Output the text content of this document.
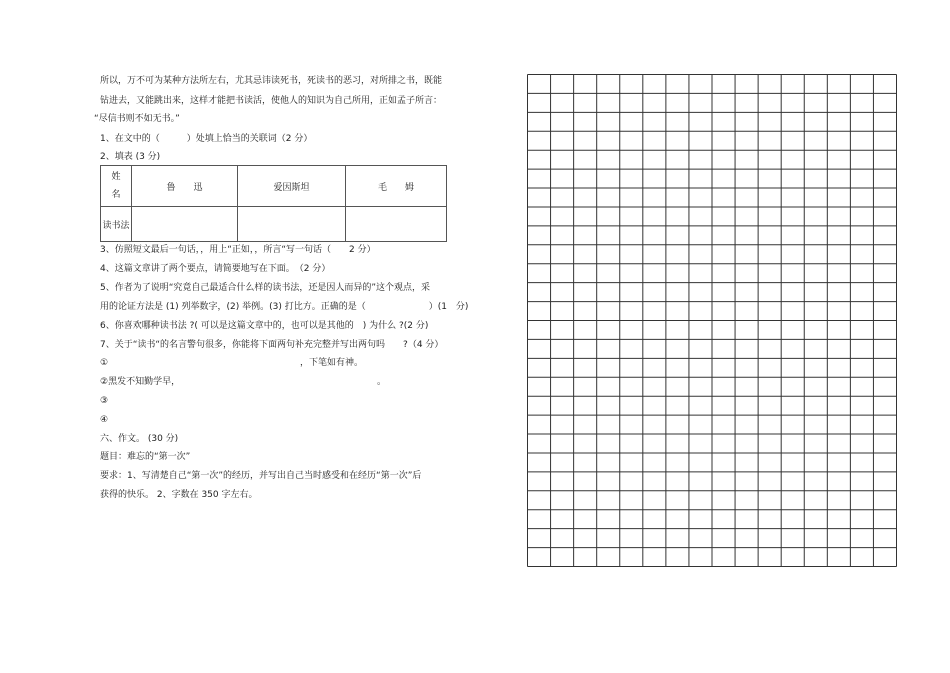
所以，万不可为某种方法所左右，尤其忌讳读死书，死读书的恶习，对所排之书，既能
钻进去，又能跳出来，这样才能把书读活，使他人的知识为自己所用，正如孟子所言：
“尽信书则不如无书。”
1、在文中的（　　　）处填上恰当的关联词（2 分）
2、填表 (3 分)
姓
名	鲁　　迅	爱因斯坦	毛　　姆
读书法			
3、仿照短文最后一句话，，用上“正如，，所言“写一句话（　　2 分）
4、这篇文章讲了两个要点，请简要地写在下面。　（2 分）
5、作者为了说明“究竟自己最适合什么样的读书法，还是因人而异的”这个观点，采
用的论证方法是 (1) 列举数字，(2) 举例。(3) 打比方。正确的是（　　　　　　　）(1　分)
6、你喜欢哪种读书法 ?( 可以是这篇文章中的，也可以是其他的　) 为什么 ?(2 分)
7、关于“读书“的名言警句很多，你能将下面两句补充完整并写出两句吗　　?（4 分）
①	，下笔如有神。
②黑发不知勤学早，	。
③
④
六、作文。 (30 分)
题目：难忘的“第一次”
要求：1、写清楚自己“第一次”的经历，并写出自己当时感受和在经历“第一次”后
获得的快乐。 2、字数在 350 字左右。
